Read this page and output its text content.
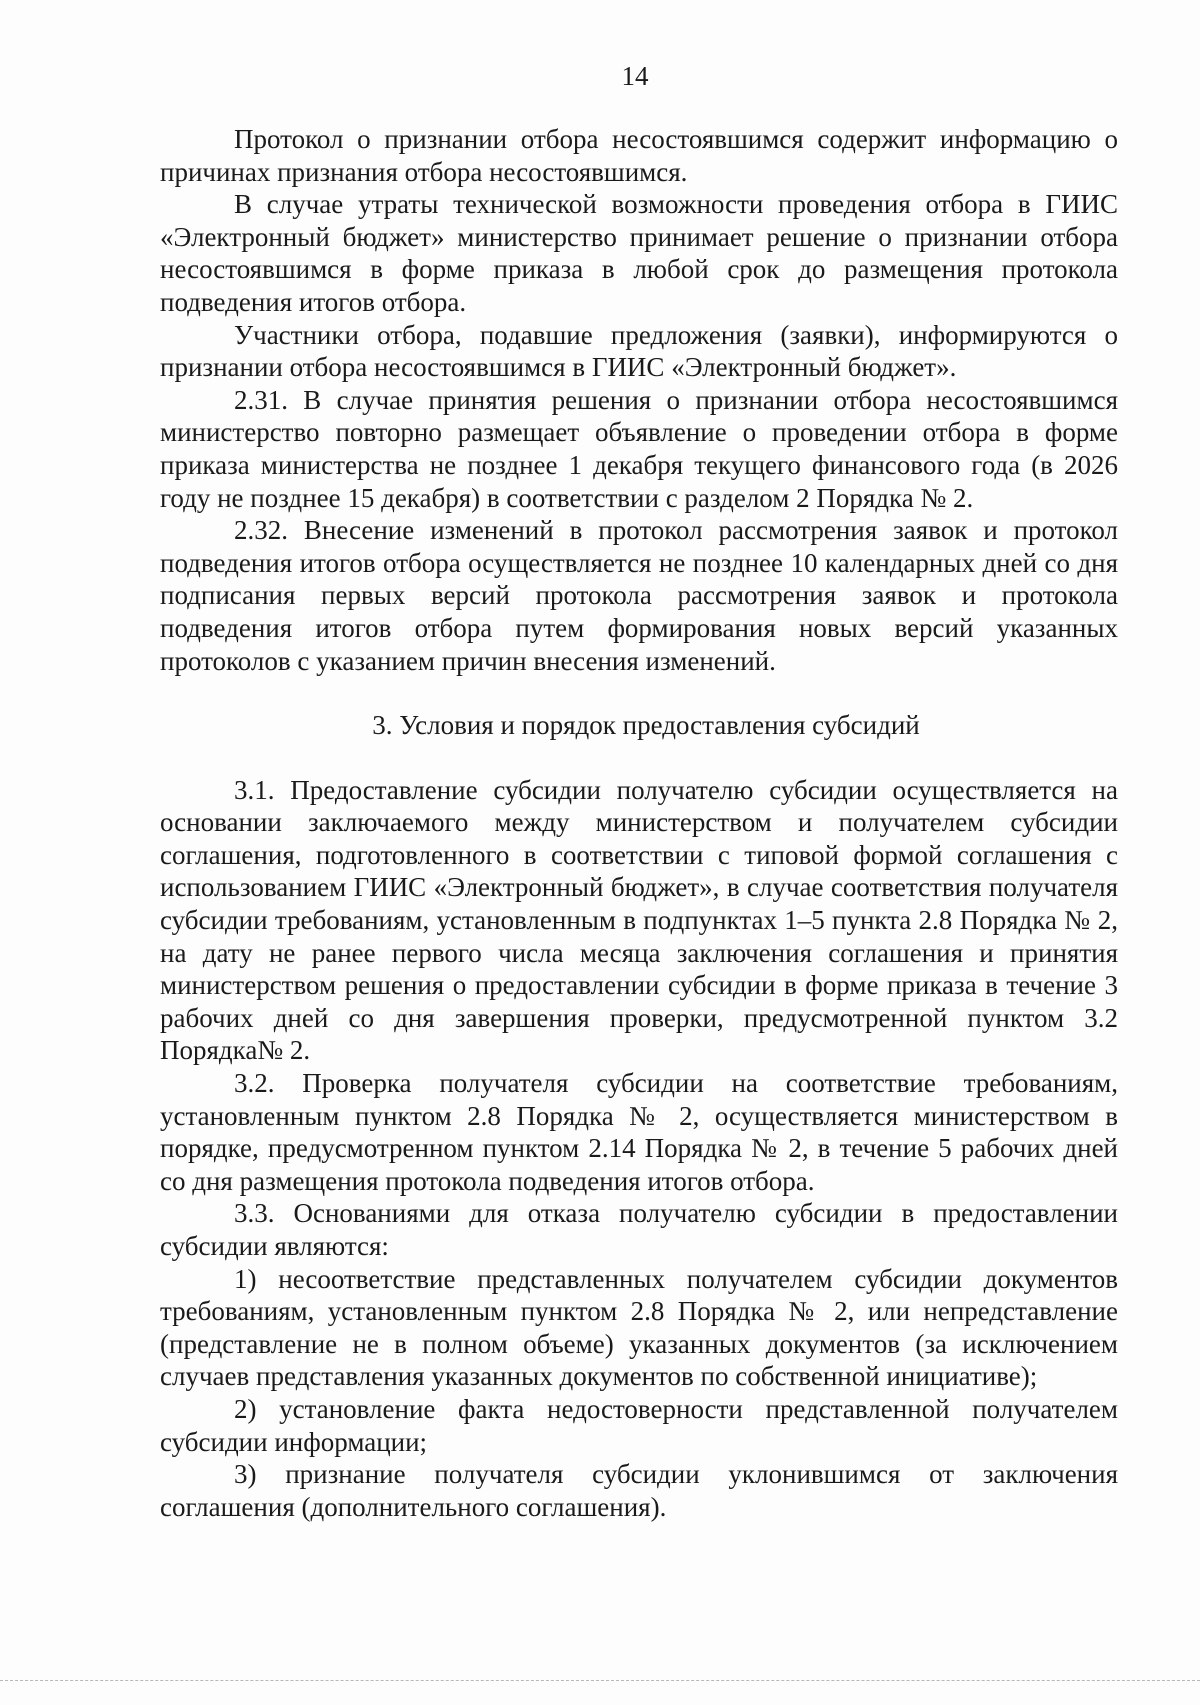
14

Протокол о признании отбора несостоявшимся содержит информацию о причинах признания отбора несостоявшимся.

В случае утраты технической возможности проведения отбора в ГИИС «Электронный бюджет» министерство принимает решение о признании отбора несостоявшимся в форме приказа в любой срок до размещения протокола подведения итогов отбора.

Участники отбора, подавшие предложения (заявки), информируются о признании отбора несостоявшимся в ГИИС «Электронный бюджет».

2.31. В случае принятия решения о признании отбора несостоявшимся министерство повторно размещает объявление о проведении отбора в форме приказа министерства не позднее 1 декабря текущего финансового года (в 2026 году не позднее 15 декабря) в соответствии с разделом 2 Порядка № 2.

2.32. Внесение изменений в протокол рассмотрения заявок и протокол подведения итогов отбора осуществляется не позднее 10 календарных дней со дня подписания первых версий протокола рассмотрения заявок и протокола подведения итогов отбора путем формирования новых версий указанных протоколов с указанием причин внесения изменений.

3. Условия и порядок предоставления субсидий

3.1. Предоставление субсидии получателю субсидии осуществляется на основании заключаемого между министерством и получателем субсидии соглашения, подготовленного в соответствии с типовой формой соглашения с использованием ГИИС «Электронный бюджет», в случае соответствия получателя субсидии требованиям, установленным в подпунктах 1–5 пункта 2.8 Порядка № 2, на дату не ранее первого числа месяца заключения соглашения и принятия министерством решения о предоставлении субсидии в форме приказа в течение 3 рабочих дней со дня завершения проверки, предусмотренной пунктом 3.2 Порядка№ 2.

3.2. Проверка получателя субсидии на соответствие требованиям, установленным пунктом 2.8 Порядка № 2, осуществляется министерством в порядке, предусмотренном пунктом 2.14 Порядка № 2, в течение 5 рабочих дней со дня размещения протокола подведения итогов отбора.

3.3. Основаниями для отказа получателю субсидии в предоставлении субсидии являются:

1) несоответствие представленных получателем субсидии документов требованиям, установленным пунктом 2.8 Порядка № 2, или непредставление (представление не в полном объеме) указанных документов (за исключением случаев представления указанных документов по собственной инициативе);

2) установление факта недостоверности представленной получателем субсидии информации;

3) признание получателя субсидии уклонившимся от заключения соглашения (дополнительного соглашения).
